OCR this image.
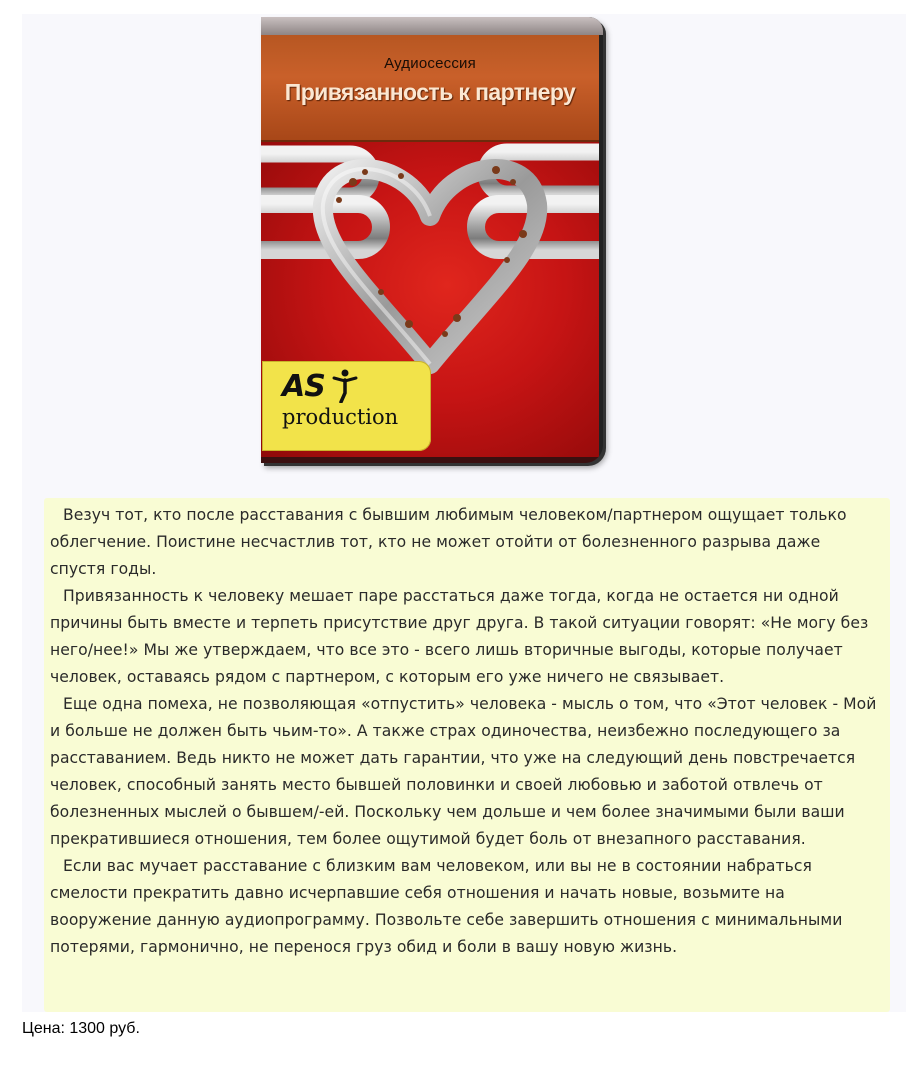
Аудиосессия
Привязанность к партнеру
AS
production

Везуч тот, кто после расставания с бывшим любимым человеком/партнером ощущает только облегчение. Поистине несчастлив тот, кто не может отойти от болезненного разрыва даже спустя годы.

Привязанность к человеку мешает паре расстаться даже тогда, когда не остается ни одной причины быть вместе и терпеть присутствие друг друга. В такой ситуации говорят: «Не могу без него/нее!» Мы же утверждаем, что все это - всего лишь вторичные выгоды, которые получает человек, оставаясь рядом с партнером, с которым его уже ничего не связывает.

Еще одна помеха, не позволяющая «отпустить» человека - мысль о том, что «Этот человек - Мой и больше не должен быть чьим-то». А также страх одиночества, неизбежно последующего за расставанием. Ведь никто не может дать гарантии, что уже на следующий день повстречается человек, способный занять место бывшей половинки и своей любовью и заботой отвлечь от болезненных мыслей о бывшем/-ей. Поскольку чем дольше и чем более значимыми были ваши прекратившиеся отношения, тем более ощутимой будет боль от внезапного расставания.

Если вас мучает расставание с близким вам человеком, или вы не в состоянии набраться смелости прекратить давно исчерпавшие себя отношения и начать новые, возьмите на вооружение данную аудиопрограмму. Позвольте себе завершить отношения с минимальными потерями, гармонично, не перенося груз обид и боли в вашу новую жизнь.

Цена: 1300 руб.
